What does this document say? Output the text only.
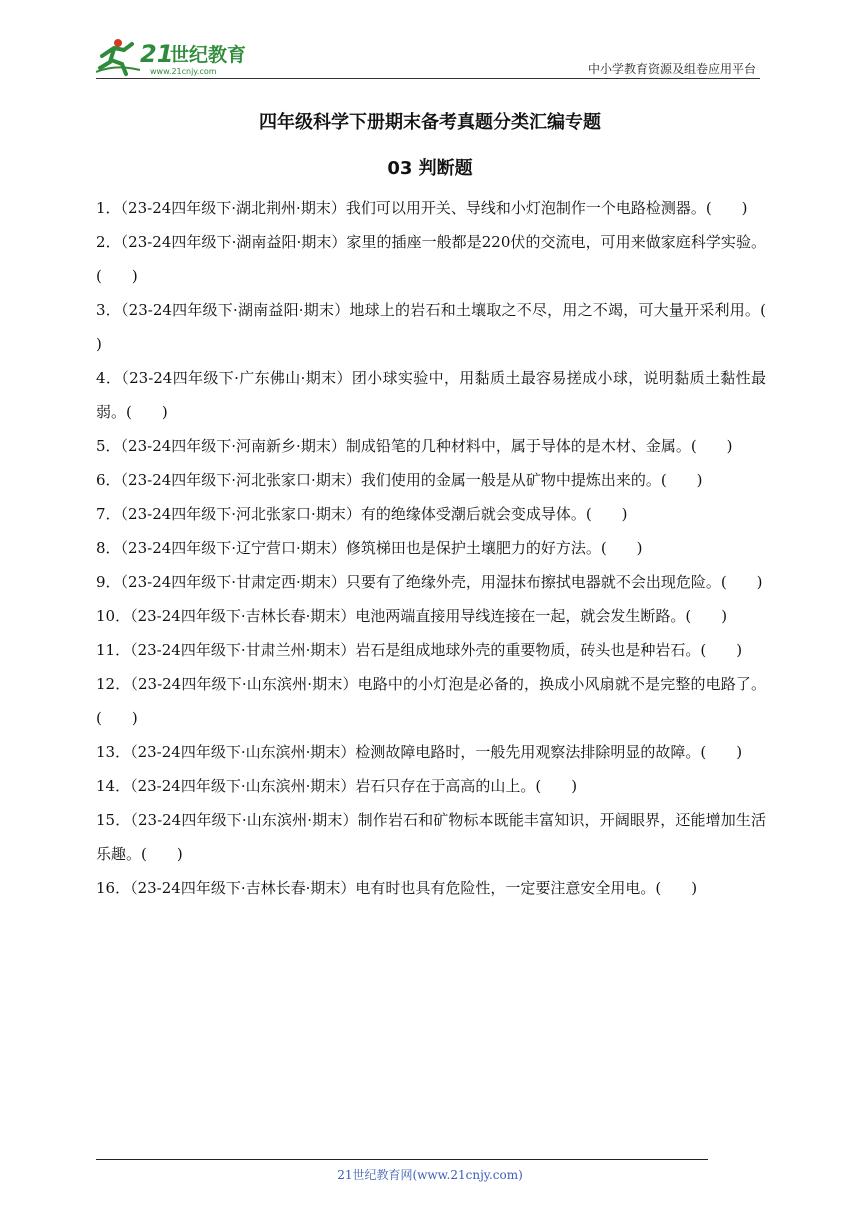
21
世纪教育
www.21cnjy.com	中小学教育资源及组卷应用平台
四年级科学下册期末备考真题分类汇编专题
03 判断题
1．（23-24四年级下·湖北荆州·期末）我们可以用开关、导线和小灯泡制作一个电路检测器。(　　)
2．（23-24四年级下·湖南益阳·期末）家里的插座一般都是220伏的交流电，可用来做家庭科学实验。(　　)
3．（23-24四年级下·湖南益阳·期末）地球上的岩石和土壤取之不尽，用之不竭，可大量开采利用。(　　)
4．（23-24四年级下·广东佛山·期末）团小球实验中，用黏质土最容易搓成小球，说明黏质土黏性最弱。(　　)
5．（23-24四年级下·河南新乡·期末）制成铅笔的几种材料中，属于导体的是木材、金属。(　　)
6．（23-24四年级下·河北张家口·期末）我们使用的金属一般是从矿物中提炼出来的。(　　)
7．（23-24四年级下·河北张家口·期末）有的绝缘体受潮后就会变成导体。(　　)
8．（23-24四年级下·辽宁营口·期末）修筑梯田也是保护土壤肥力的好方法。(　　)
9．（23-24四年级下·甘肃定西·期末）只要有了绝缘外壳，用湿抹布擦拭电器就不会出现危险。(　　)
10．（23-24四年级下·吉林长春·期末）电池两端直接用导线连接在一起，就会发生断路。(　　)
11．（23-24四年级下·甘肃兰州·期末）岩石是组成地球外壳的重要物质，砖头也是种岩石。(　　)
12．（23-24四年级下·山东滨州·期末）电路中的小灯泡是必备的，换成小风扇就不是完整的电路了。(　　)
13．（23-24四年级下·山东滨州·期末）检测故障电路时，一般先用观察法排除明显的故障。(　　)
14．（23-24四年级下·山东滨州·期末）岩石只存在于高高的山上。(　　)
15．（23-24四年级下·山东滨州·期末）制作岩石和矿物标本既能丰富知识，开阔眼界，还能增加生活乐趣。(　　)
16．（23-24四年级下·吉林长春·期末）电有时也具有危险性，一定要注意安全用电。(　　)
21世纪教育网(www.21cnjy.com)
